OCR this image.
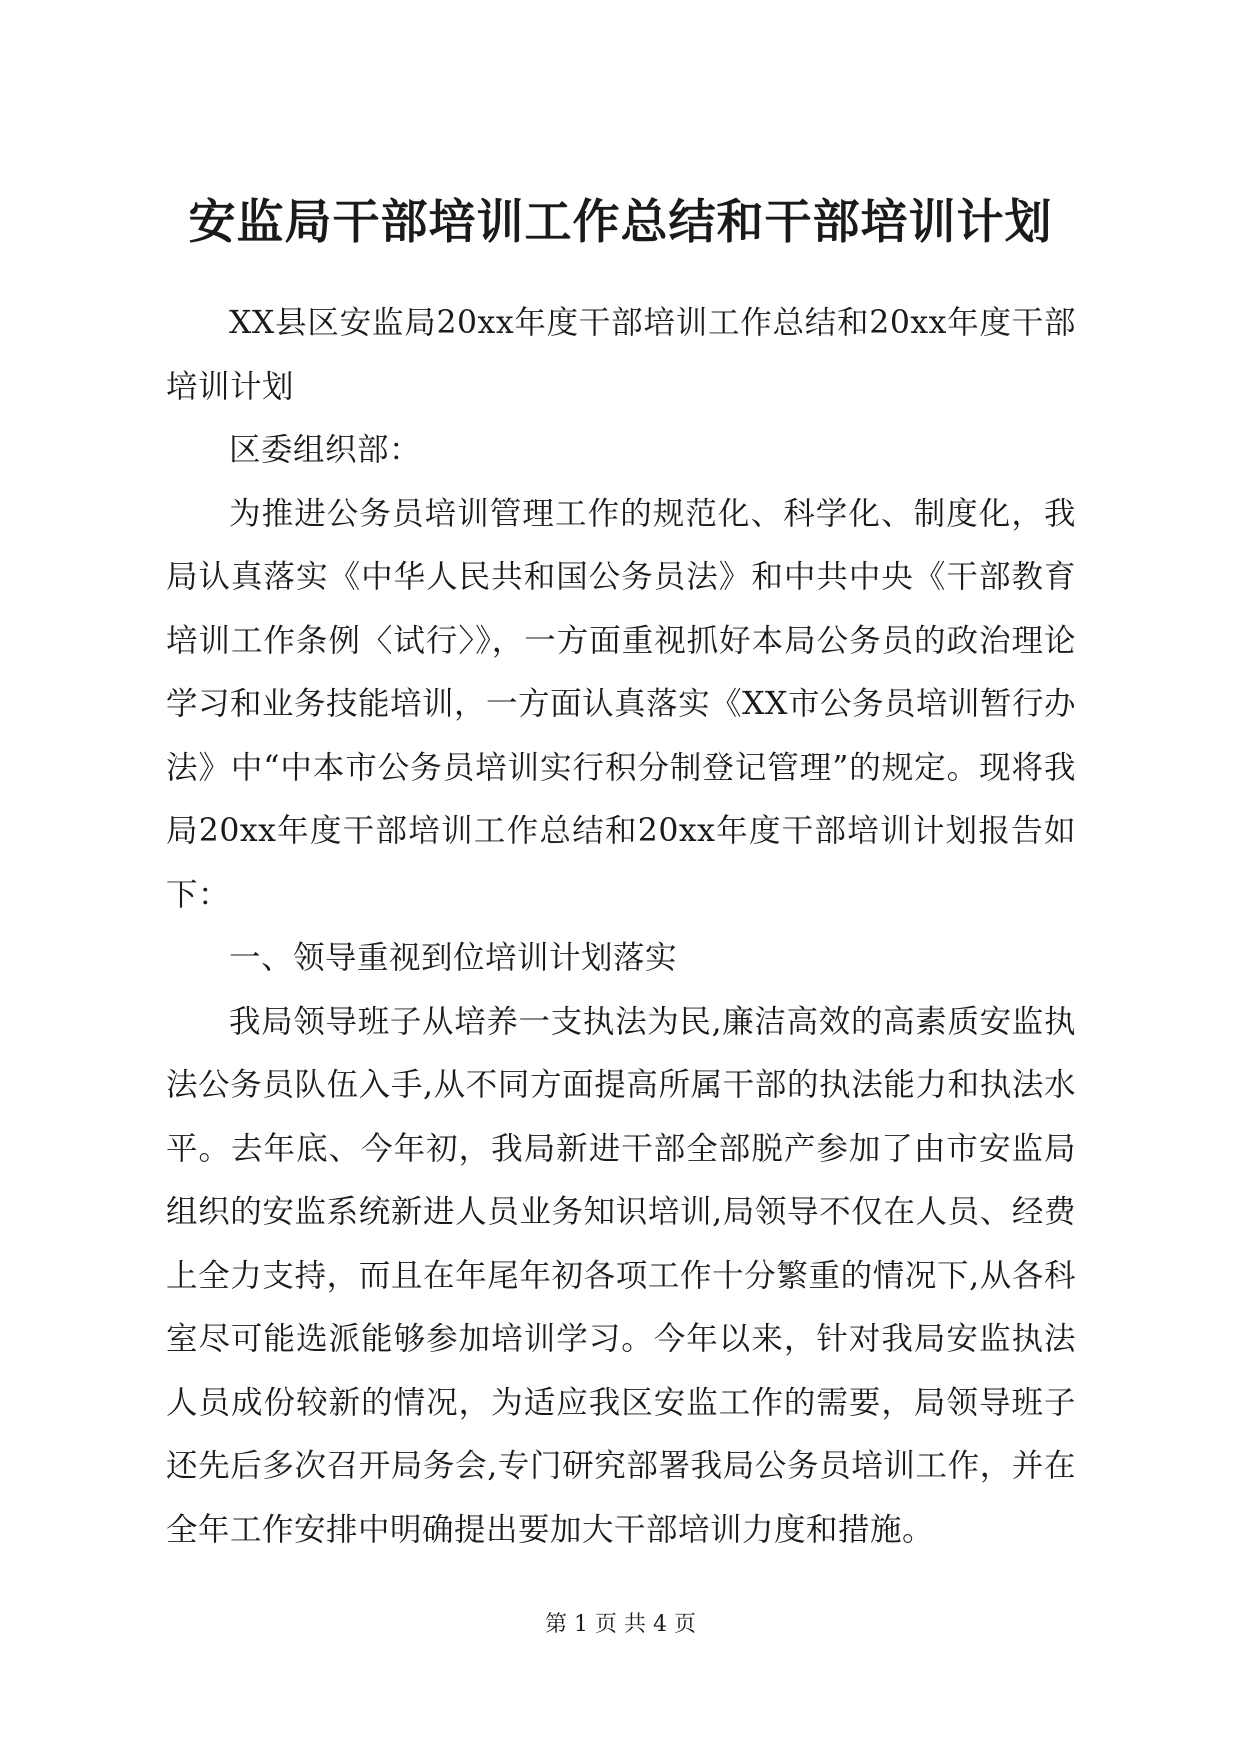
安监局干部培训工作总结和干部培训计划

XX县区安监局20xx年度干部培训工作总结和20xx年度干部培训计划

区委组织部：

为推进公务员培训管理工作的规范化、科学化、制度化，我局认真落实《中华人民共和国公务员法》和中共中央《干部教育培训工作条例〈试行〉》，一方面重视抓好本局公务员的政治理论学习和业务技能培训，一方面认真落实《XX市公务员培训暂行办法》中“中本市公务员培训实行积分制登记管理”的规定。现将我局20xx年度干部培训工作总结和20xx年度干部培训计划报告如下：

一、领导重视到位培训计划落实

我局领导班子从培养一支执法为民,廉洁高效的高素质安监执法公务员队伍入手,从不同方面提高所属干部的执法能力和执法水平。去年底、今年初，我局新进干部全部脱产参加了由市安监局组织的安监系统新进人员业务知识培训,局领导不仅在人员、经费上全力支持，而且在年尾年初各项工作十分繁重的情况下,从各科室尽可能选派能够参加培训学习。今年以来，针对我局安监执法人员成份较新的情况，为适应我区安监工作的需要，局领导班子还先后多次召开局务会,专门研究部署我局公务员培训工作，并在全年工作安排中明确提出要加大干部培训力度和措施。

第 1 页 共 4 页
